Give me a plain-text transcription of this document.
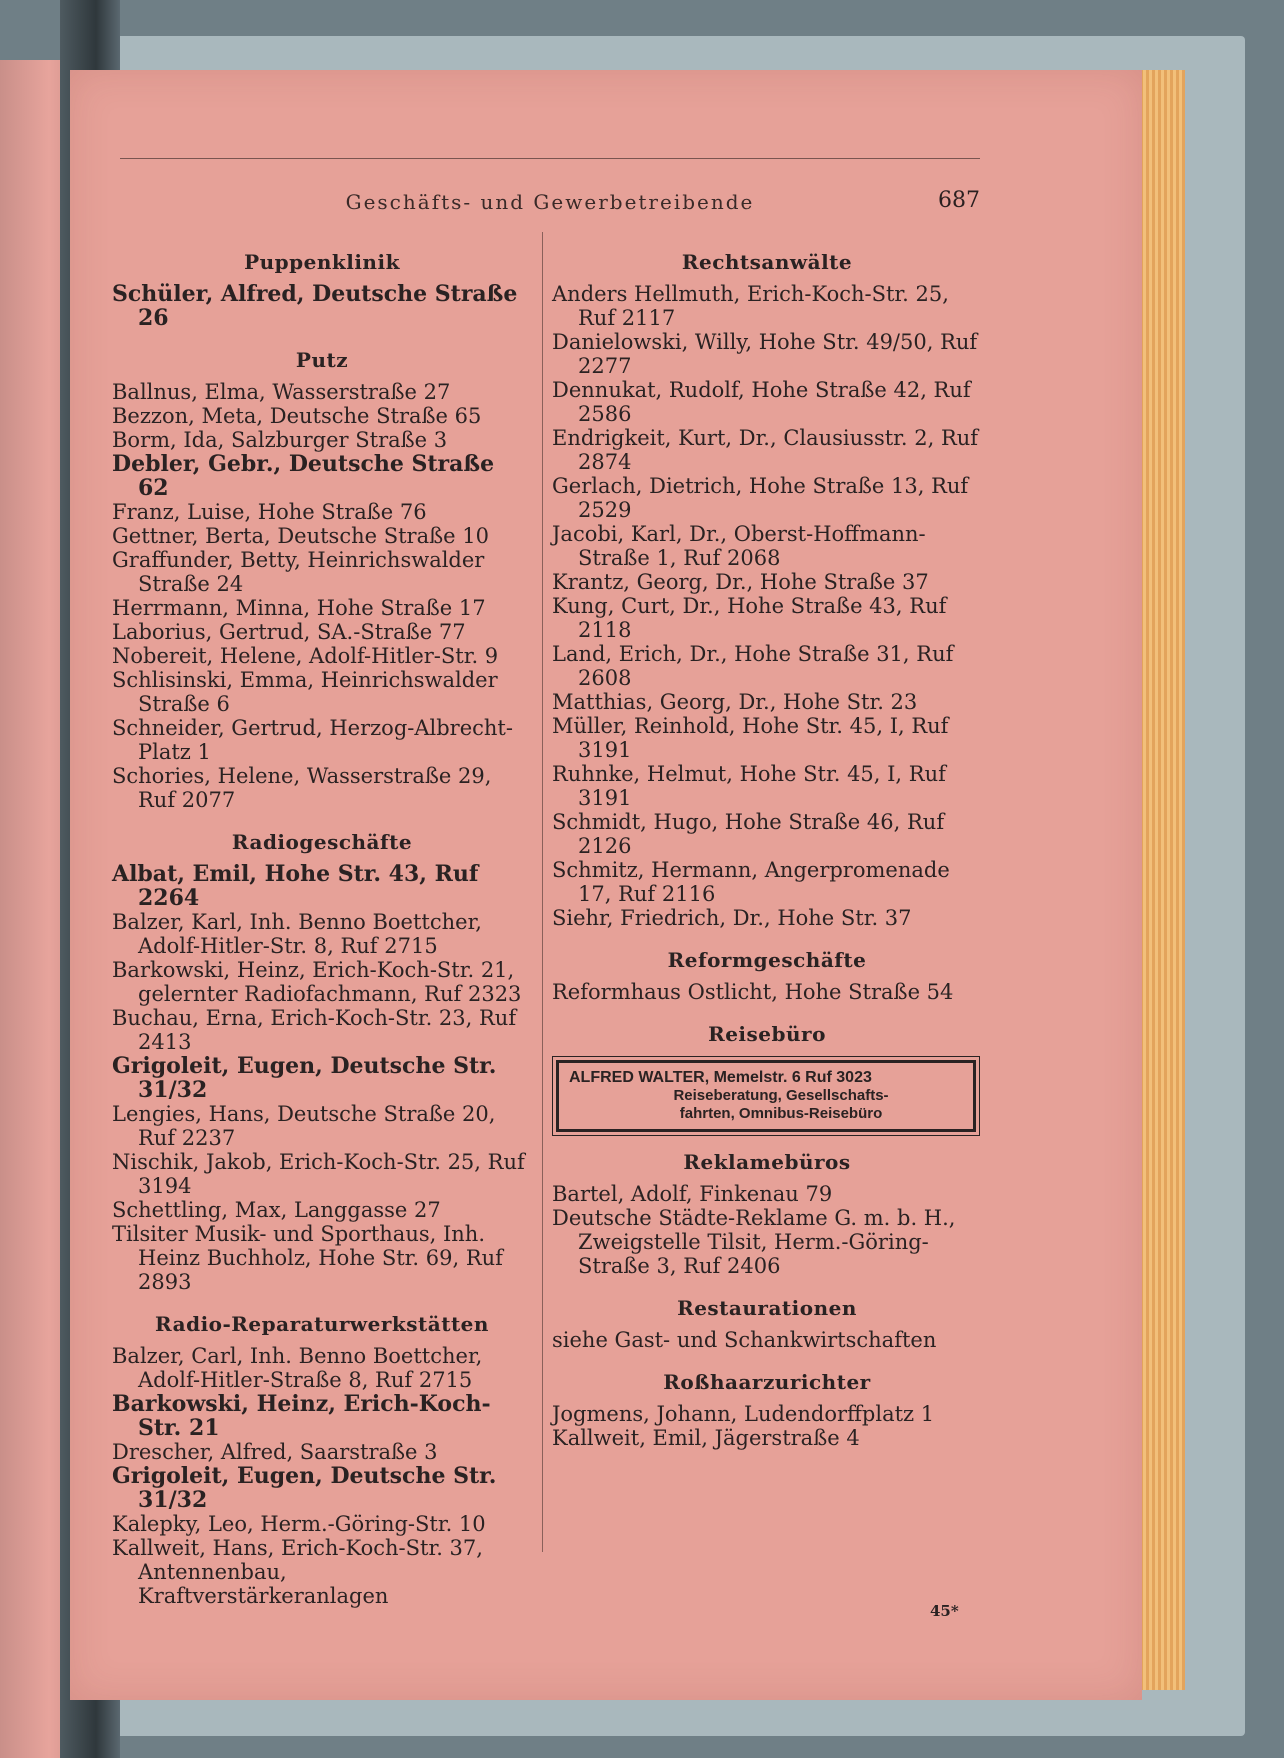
Geschäfts- und Gewerbetreibende	687
Puppenklinik

Schüler, Alfred, Deutsche Straße 26

Putz

Ballnus, Elma, Wasserstraße 27

Bezzon, Meta, Deutsche Straße 65

Borm, Ida, Salzburger Straße 3

Debler, Gebr., Deutsche Straße 62

Franz, Luise, Hohe Straße 76

Gettner, Berta, Deutsche Straße 10

Graffunder, Betty, Heinrichswalder Straße 24

Herrmann, Minna, Hohe Straße 17

Laborius, Gertrud, SA.-Straße 77

Nobereit, Helene, Adolf-Hitler-Str. 9

Schlisinski, Emma, Heinrichswalder Straße 6

Schneider, Gertrud, Herzog-Albrecht-Platz 1

Schories, Helene, Wasserstraße 29, Ruf 2077

Radiogeschäfte

Albat, Emil, Hohe Str. 43, Ruf 2264

Balzer, Karl, Inh. Benno Boettcher, Adolf-Hitler-Str. 8, Ruf 2715

Barkowski, Heinz, Erich-Koch-Str. 21, gelernter Radiofachmann, Ruf 2323

Buchau, Erna, Erich-Koch-Str. 23, Ruf 2413

Grigoleit, Eugen, Deutsche Str. 31/32

Lengies, Hans, Deutsche Straße 20, Ruf 2237

Nischik, Jakob, Erich-Koch-Str. 25, Ruf 3194

Schettling, Max, Langgasse 27

Tilsiter Musik- und Sporthaus, Inh. Heinz Buchholz, Hohe Str. 69, Ruf 2893

Radio-Reparaturwerkstätten

Balzer, Carl, Inh. Benno Boettcher, Adolf-Hitler-Straße 8, Ruf 2715

Barkowski, Heinz, Erich-Koch-Str. 21

Drescher, Alfred, Saarstraße 3

Grigoleit, Eugen, Deutsche Str. 31/32

Kalepky, Leo, Herm.-Göring-Str. 10

Kallweit, Hans, Erich-Koch-Str. 37, Antennenbau, Kraftverstärkeranlagen

Rechtsanwälte

Anders Hellmuth, Erich-Koch-Str. 25, Ruf 2117

Danielowski, Willy, Hohe Str. 49/50, Ruf 2277

Dennukat, Rudolf, Hohe Straße 42, Ruf 2586

Endrigkeit, Kurt, Dr., Clausiusstr. 2, Ruf 2874

Gerlach, Dietrich, Hohe Straße 13, Ruf 2529

Jacobi, Karl, Dr., Oberst-Hoffmann-Straße 1, Ruf 2068

Krantz, Georg, Dr., Hohe Straße 37

Kung, Curt, Dr., Hohe Straße 43, Ruf 2118

Land, Erich, Dr., Hohe Straße 31, Ruf 2608

Matthias, Georg, Dr., Hohe Str. 23

Müller, Reinhold, Hohe Str. 45, I, Ruf 3191

Ruhnke, Helmut, Hohe Str. 45, I, Ruf 3191

Schmidt, Hugo, Hohe Straße 46, Ruf 2126

Schmitz, Hermann, Angerpromenade 17, Ruf 2116

Siehr, Friedrich, Dr., Hohe Str. 37

Reformgeschäfte

Reformhaus Ostlicht, Hohe Straße 54

Reisebüro
ALFRED WALTER, Memelstr. 6 Ruf 3023
Reiseberatung, Gesellschafts-
fahrten, Omnibus-Reisebüro
Reklamebüros

Bartel, Adolf, Finkenau 79

Deutsche Städte-Reklame G. m. b. H., Zweigstelle Tilsit, Herm.-Göring-Straße 3, Ruf 2406

Restaurationen

siehe Gast- und Schankwirtschaften

Roßhaarzurichter

Jogmens, Johann, Ludendorffplatz 1

Kallweit, Emil, Jägerstraße 4

45*
